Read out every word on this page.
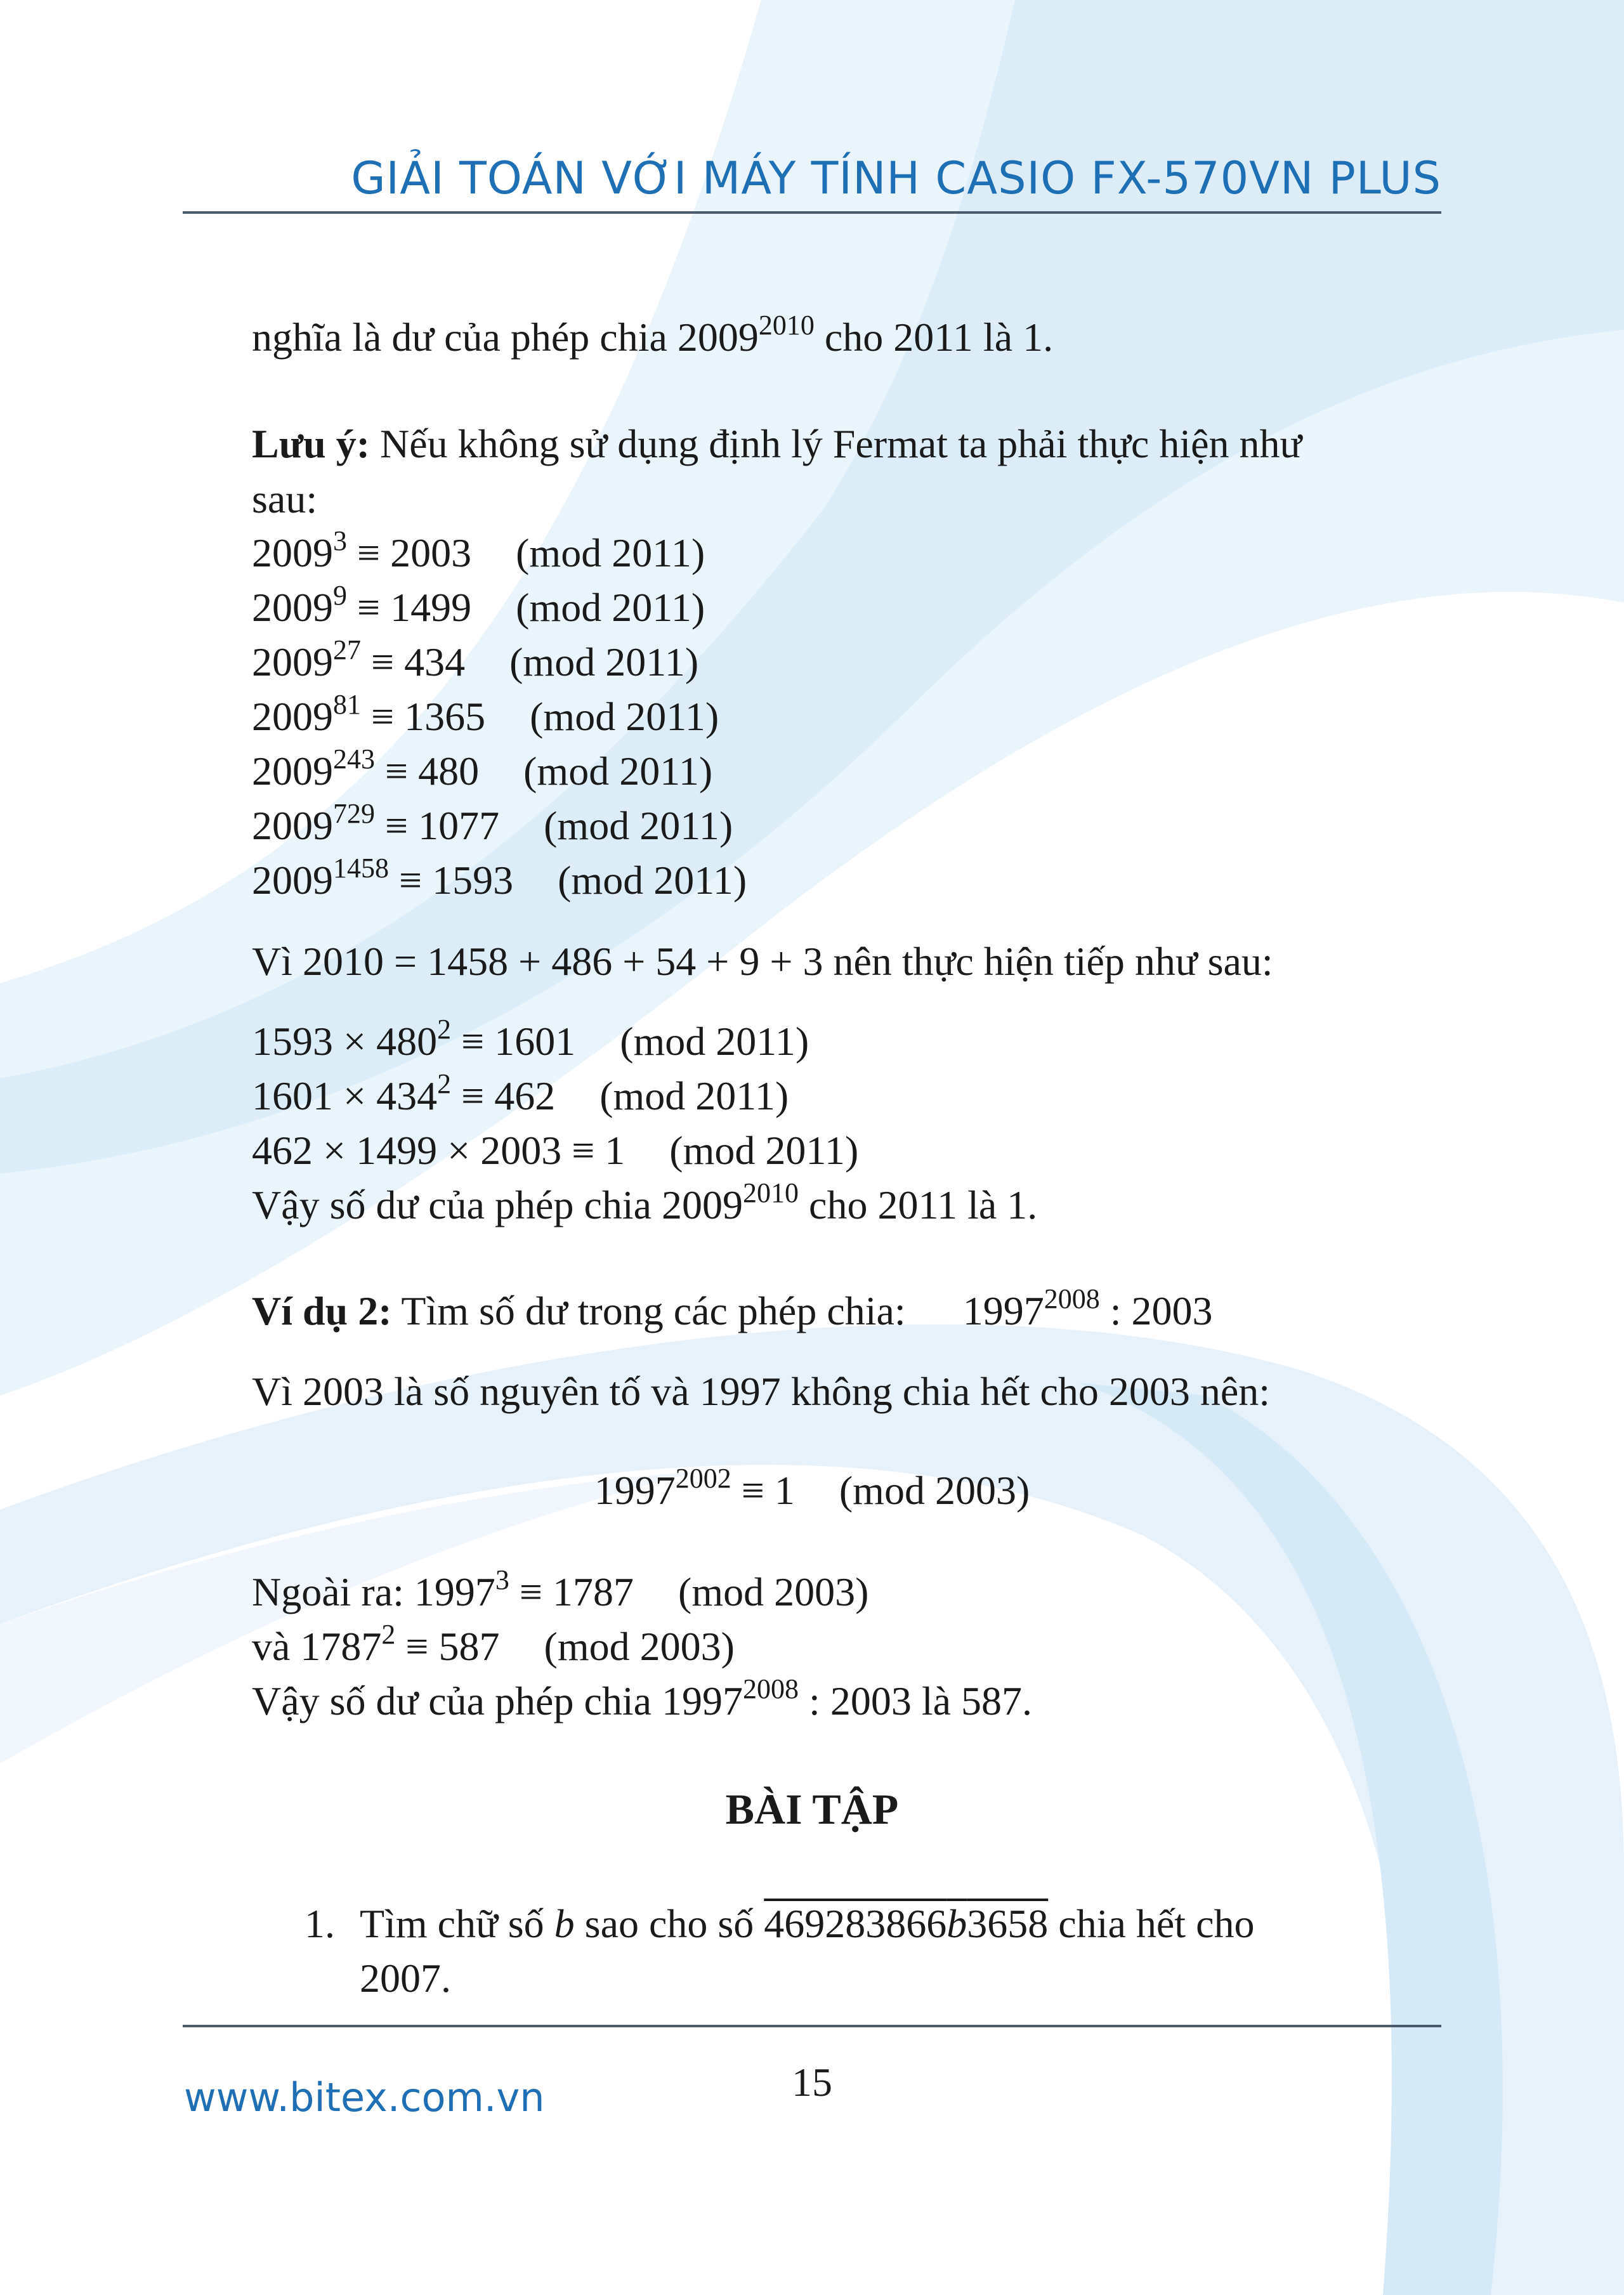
GIẢI TOÁN VỚI MÁY TÍNH CASIO FX-570VN PLUS
nghĩa là dư của phép chia $2009^{2010}$ cho 2011 là 1.
Lưu ý: Nếu không sử dụng định lý Fermat ta phải thực hiện như
sau:
$2009^3 \equiv 2003$ (mod 2011)
$2009^9 \equiv 1499$ (mod 2011)
$2009^{27} \equiv 434$ (mod 2011)
$2009^{81} \equiv 1365$ (mod 2011)
$2009^{243} \equiv 480$ (mod 2011)
$2009^{729} \equiv 1077$ (mod 2011)
$2009^{1458} \equiv 1593$ (mod 2011)
Vì 2010 = 1458 + 486 + 54 + 9 + 3 nên thực hiện tiếp như sau:
$1593 \times 480^2 \equiv 1601$ (mod 2011)
$1601 \times 434^2 \equiv 462$ (mod 2011)
462 × 1499 × 2003 ≡ 1 (mod 2011)
Vậy số dư của phép chia $2009^{2010}$ cho 2011 là 1.
Ví dụ 2: Tìm số dư trong các phép chia: $1997^{2008}$ : 2003
Vì 2003 là số nguyên tố và 1997 không chia hết cho 2003 nên:
$1997^{2002} \equiv 1$ (mod 2003)
Ngoài ra: $1997^3 \equiv 1787$ (mod 2003)
và $1787^2 \equiv 587$ (mod 2003)
Vậy số dư của phép chia $1997^{2008}$ : 2003 là 587.
BÀI TẬP
1. Tìm chữ số b sao cho số 469283866b3658 chia hết cho
2007.
www.bitex.com.vn	15
